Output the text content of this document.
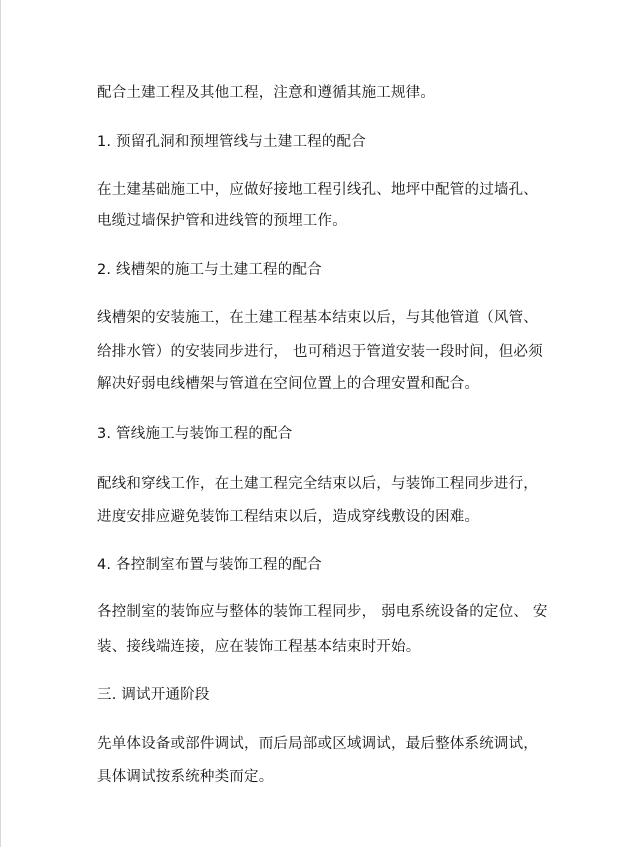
配合土建工程及其他工程，注意和遵循其施工规律。
1. 预留孔洞和预埋管线与土建工程的配合
在土建基础施工中，应做好接地工程引线孔、地坪中配管的过墙孔、
电缆过墙保护管和进线管的预埋工作。
2. 线槽架的施工与土建工程的配合
线槽架的安装施工，在土建工程基本结束以后，与其他管道（风管、
给排水管）的安装同步进行， 也可稍迟于管道安装一段时间，但必须
解决好弱电线槽架与管道在空间位置上的合理安置和配合。
3. 管线施工与装饰工程的配合
配线和穿线工作，在土建工程完全结束以后，与装饰工程同步进行，
进度安排应避免装饰工程结束以后，造成穿线敷设的困难。
4. 各控制室布置与装饰工程的配合
各控制室的装饰应与整体的装饰工程同步， 弱电系统设备的定位、 安
装、接线端连接，应在装饰工程基本结束时开始。
三. 调试开通阶段
先单体设备或部件调试，而后局部或区域调试，最后整体系统调试，
具体调试按系统种类而定。
